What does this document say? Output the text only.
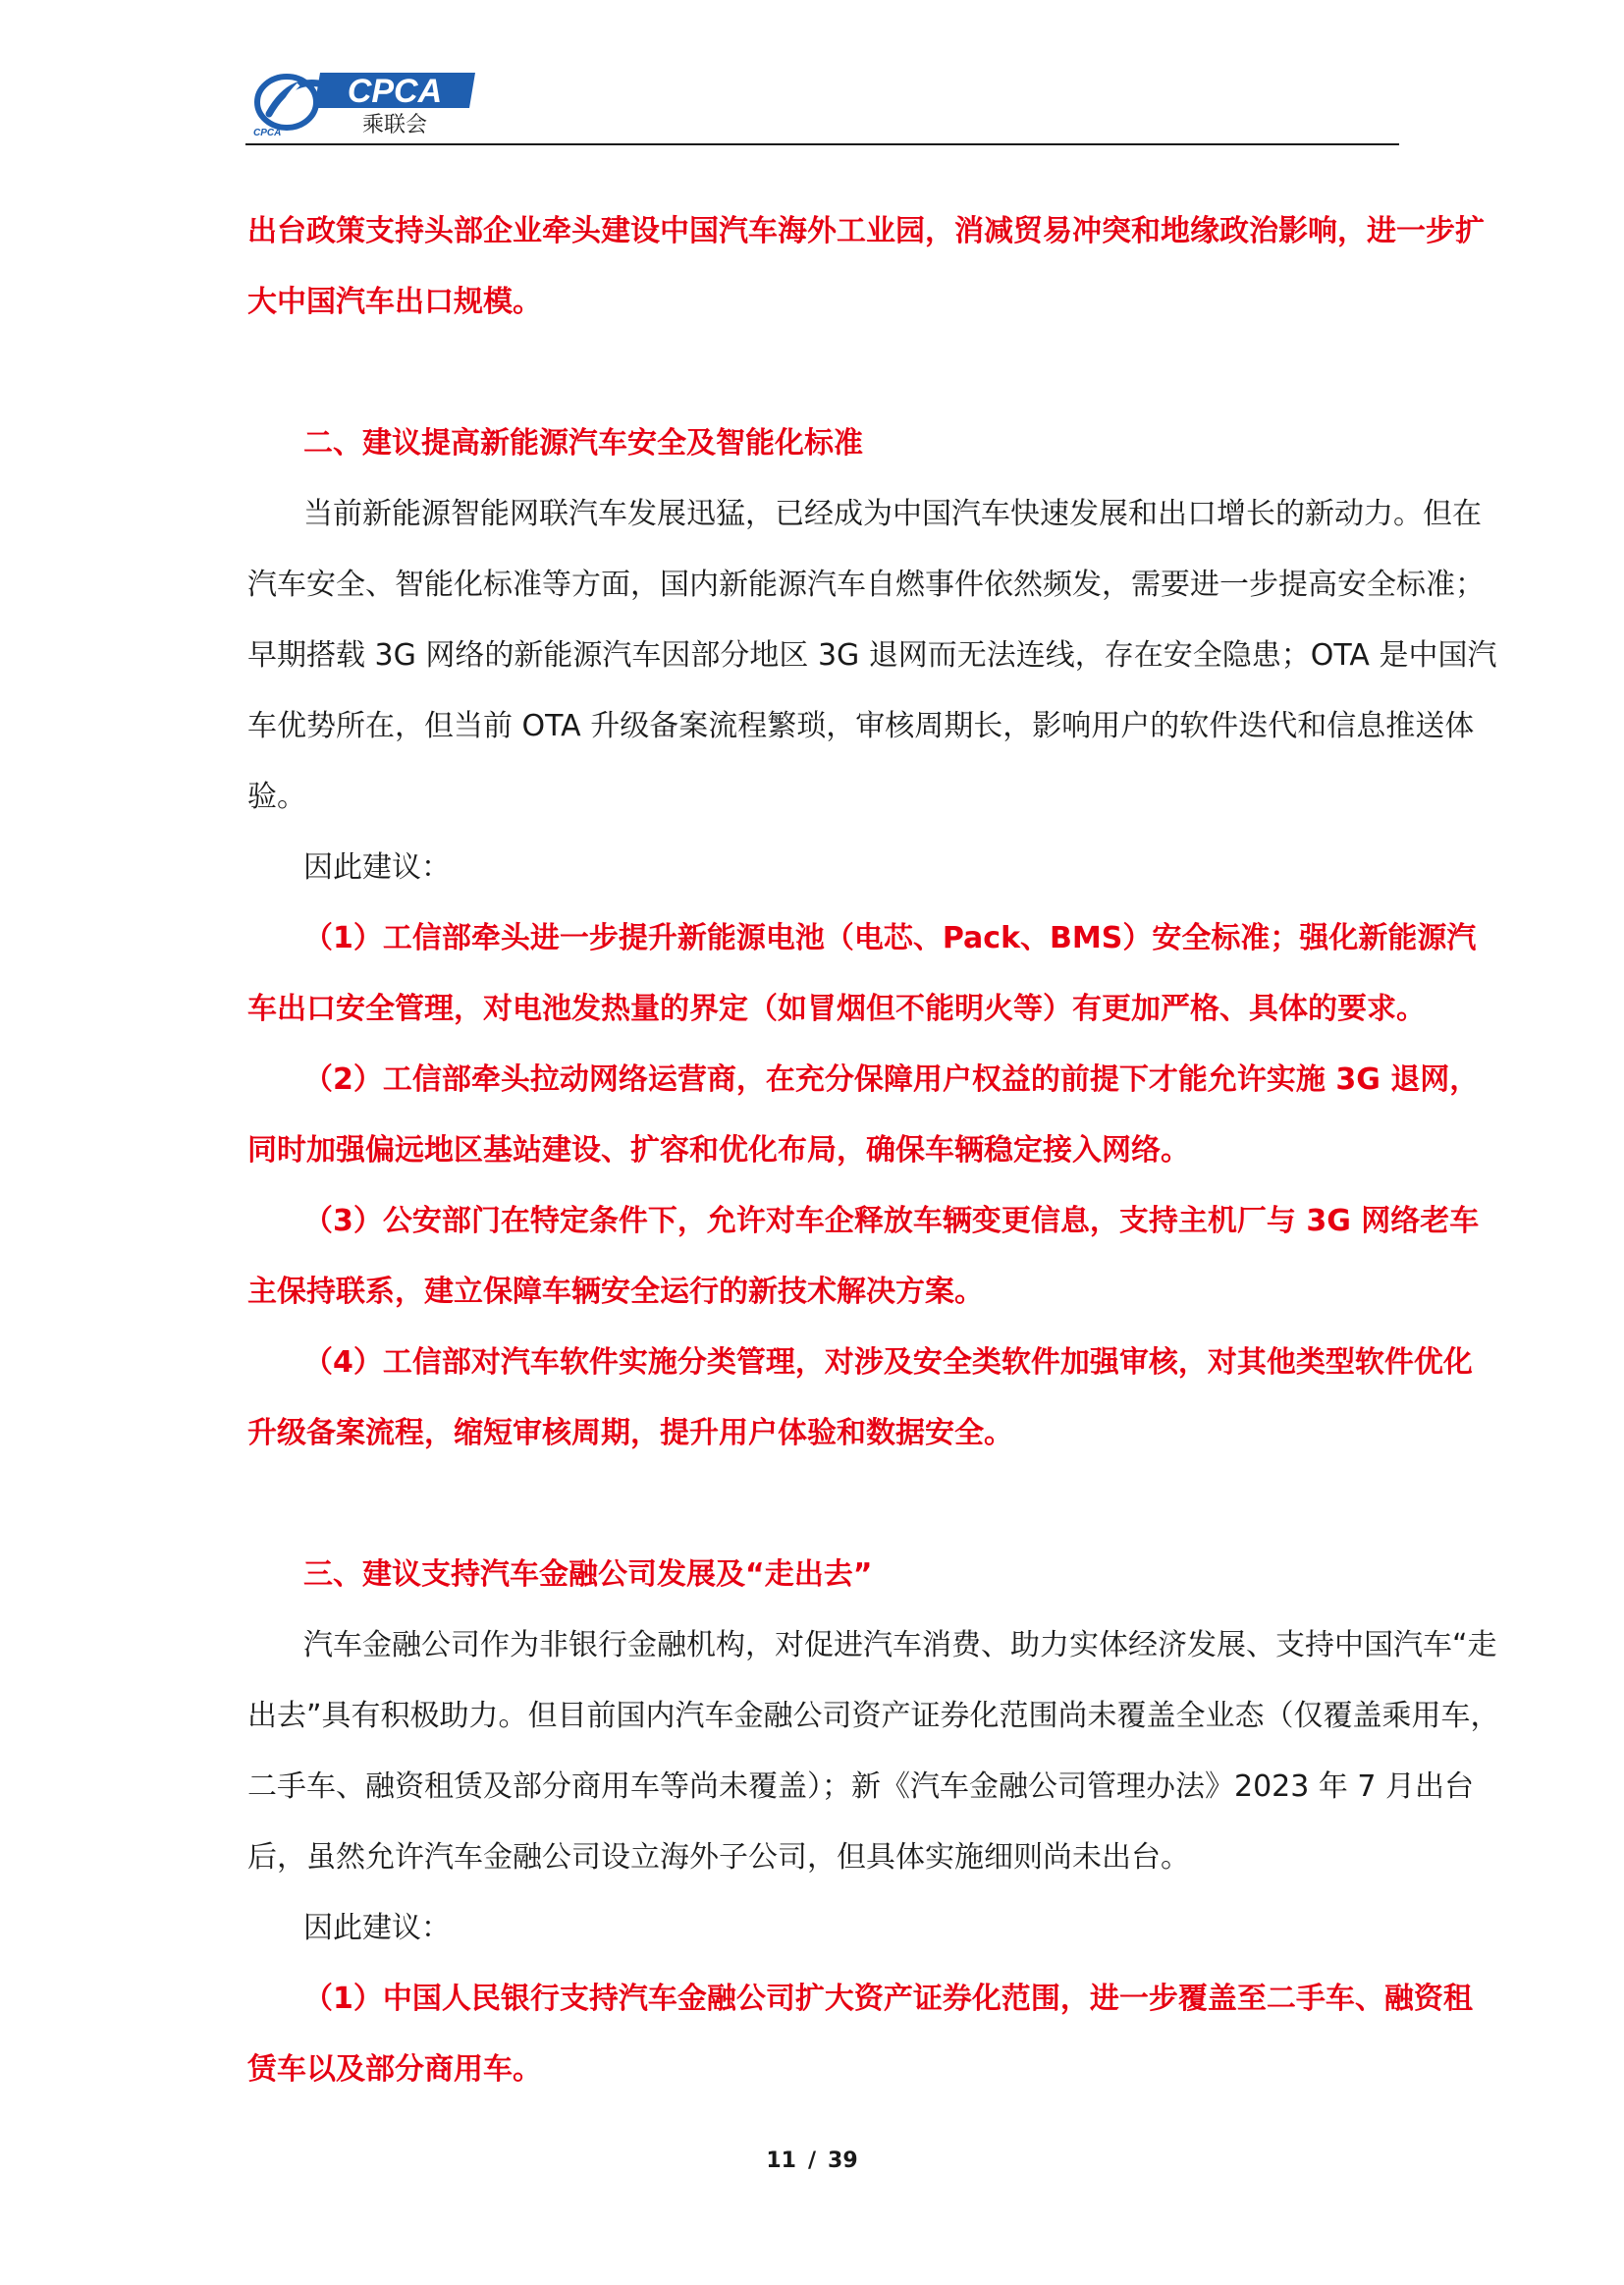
CPCA
乘联会
CPCA

出台政策支持头部企业牵头建设中国汽车海外工业园，消减贸易冲突和地缘政治影响，进一步扩

大中国汽车出口规模。

二、建议提高新能源汽车安全及智能化标准

当前新能源智能网联汽车发展迅猛，已经成为中国汽车快速发展和出口增长的新动力。但在

汽车安全、智能化标准等方面，国内新能源汽车自燃事件依然频发，需要进一步提高安全标准；

早期搭载 3G 网络的新能源汽车因部分地区 3G 退网而无法连线，存在安全隐患；OTA 是中国汽

车优势所在，但当前 OTA 升级备案流程繁琐，审核周期长，影响用户的软件迭代和信息推送体

验。

因此建议：

（1）工信部牵头进一步提升新能源电池（电芯、Pack、BMS）安全标准；强化新能源汽

车出口安全管理，对电池发热量的界定（如冒烟但不能明火等）有更加严格、具体的要求。

（2）工信部牵头拉动网络运营商，在充分保障用户权益的前提下才能允许实施 3G 退网，

同时加强偏远地区基站建设、扩容和优化布局，确保车辆稳定接入网络。

（3）公安部门在特定条件下，允许对车企释放车辆变更信息，支持主机厂与 3G 网络老车

主保持联系，建立保障车辆安全运行的新技术解决方案。

（4）工信部对汽车软件实施分类管理，对涉及安全类软件加强审核，对其他类型软件优化

升级备案流程，缩短审核周期，提升用户体验和数据安全。

三、建议支持汽车金融公司发展及“走出去”

汽车金融公司作为非银行金融机构，对促进汽车消费、助力实体经济发展、支持中国汽车“走

出去”具有积极助力。但目前国内汽车金融公司资产证券化范围尚未覆盖全业态（仅覆盖乘用车，

二手车、融资租赁及部分商用车等尚未覆盖）；新《汽车金融公司管理办法》2023 年 7 月出台

后，虽然允许汽车金融公司设立海外子公司，但具体实施细则尚未出台。

因此建议：

（1）中国人民银行支持汽车金融公司扩大资产证券化范围，进一步覆盖至二手车、融资租

赁车以及部分商用车。

11 / 39
